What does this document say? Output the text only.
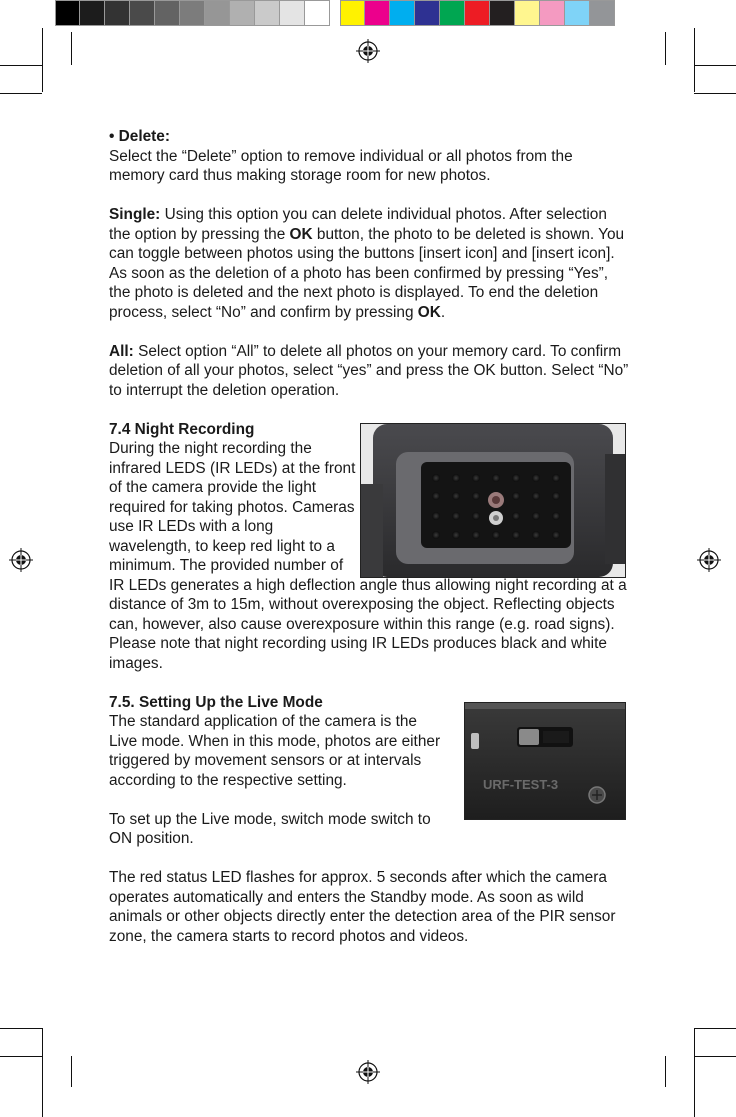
URF-TEST-3

• Delete:

Select the “Delete” option to remove individual or all photos from the memory card thus making storage room for new photos.

Single: Using this option you can delete individual photos. After selection the option by pressing the OK button, the photo to be deleted is shown. You can toggle between photos using the buttons [insert icon] and [insert icon]. As soon as the deletion of a photo has been confirmed by pressing “Yes”, the photo is deleted and the next photo is displayed. To end the deletion process, select “No” and confirm by pressing OK.

All: Select option “All” to delete all photos on your memory card. To confirm deletion of all your photos, select “yes” and press the OK button. Select “No” to interrupt the deletion operation.

7.4 Night Recording

During the night recording the infrared LEDS (IR LEDs) at the front of the camera provide the light required for taking photos. Cameras use IR LEDs with a long wavelength, to keep red light to a minimum. The provided number of IR LEDs generates a high deflection angle thus allowing night recording at a distance of 3m to 15m, without overexposing the object. Reflecting objects can, however, also cause overexposure within this range (e.g. road signs). Please note that night recording using IR LEDs produces black and white images.

7.5. Setting Up the Live Mode

The standard application of the camera is the Live mode. When in this mode, photos are either triggered by movement sensors or at intervals according to the respective setting.

To set up the Live mode, switch mode switch to ON position.

The red status LED flashes for approx. 5 seconds after which the camera operates automatically and enters the Standby mode. As soon as wild animals or other objects directly enter the detection area of the PIR sensor zone, the camera starts to record photos and videos.
